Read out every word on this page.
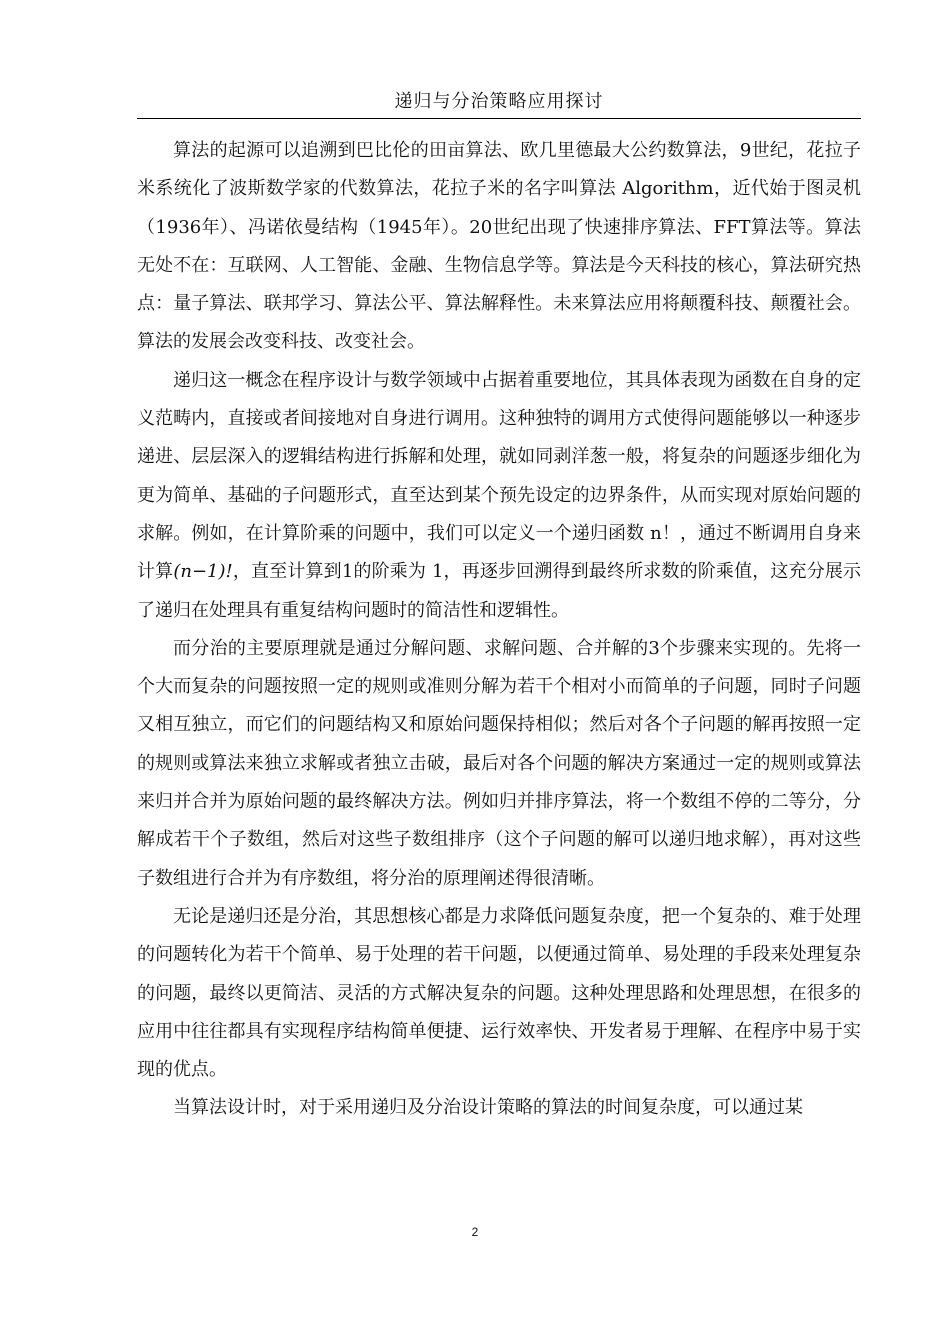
递归与分治策略应用探讨

算法的起源可以追溯到巴比伦的田亩算法、欧几里德最大公约数算法，9世纪，花拉子米系统化了波斯数学家的代数算法，花拉子米的名字叫算法 Algorithm，近代始于图灵机（1936年）、冯诺依曼结构（1945年）。20世纪出现了快速排序算法、FFT算法等。算法无处不在：互联网、人工智能、金融、生物信息学等。算法是今天科技的核心，算法研究热点：量子算法、联邦学习、算法公平、算法解释性。未来算法应用将颠覆科技、颠覆社会。算法的发展会改变科技、改变社会。

递归这一概念在程序设计与数学领域中占据着重要地位，其具体表现为函数在自身的定义范畴内，直接或者间接地对自身进行调用。这种独特的调用方式使得问题能够以一种逐步递进、层层深入的逻辑结构进行拆解和处理，就如同剥洋葱一般，将复杂的问题逐步细化为更为简单、基础的子问题形式，直至达到某个预先设定的边界条件，从而实现对原始问题的求解。例如，在计算阶乘的问题中，我们可以定义一个递归函数 n！，通过不断调用自身来计算(n−1)!，直至计算到1的阶乘为 1，再逐步回溯得到最终所求数的阶乘值，这充分展示了递归在处理具有重复结构问题时的简洁性和逻辑性。

而分治的主要原理就是通过分解问题、求解问题、合并解的3个步骤来实现的。先将一个大而复杂的问题按照一定的规则或准则分解为若干个相对小而简单的子问题，同时子问题又相互独立，而它们的问题结构又和原始问题保持相似；然后对各个子问题的解再按照一定的规则或算法来独立求解或者独立击破，最后对各个问题的解决方案通过一定的规则或算法来归并合并为原始问题的最终解决方法。例如归并排序算法，将一个数组不停的二等分，分解成若干个子数组，然后对这些子数组排序（这个子问题的解可以递归地求解），再对这些子数组进行合并为有序数组，将分治的原理阐述得很清晰。

无论是递归还是分治，其思想核心都是力求降低问题复杂度，把一个复杂的、难于处理的问题转化为若干个简单、易于处理的若干问题，以便通过简单、易处理的手段来处理复杂的问题，最终以更简洁、灵活的方式解决复杂的问题。这种处理思路和处理思想，在很多的应用中往往都具有实现程序结构简单便捷、运行效率快、开发者易于理解、在程序中易于实现的优点。

当算法设计时，对于采用递归及分治设计策略的算法的时间复杂度，可以通过某

2
